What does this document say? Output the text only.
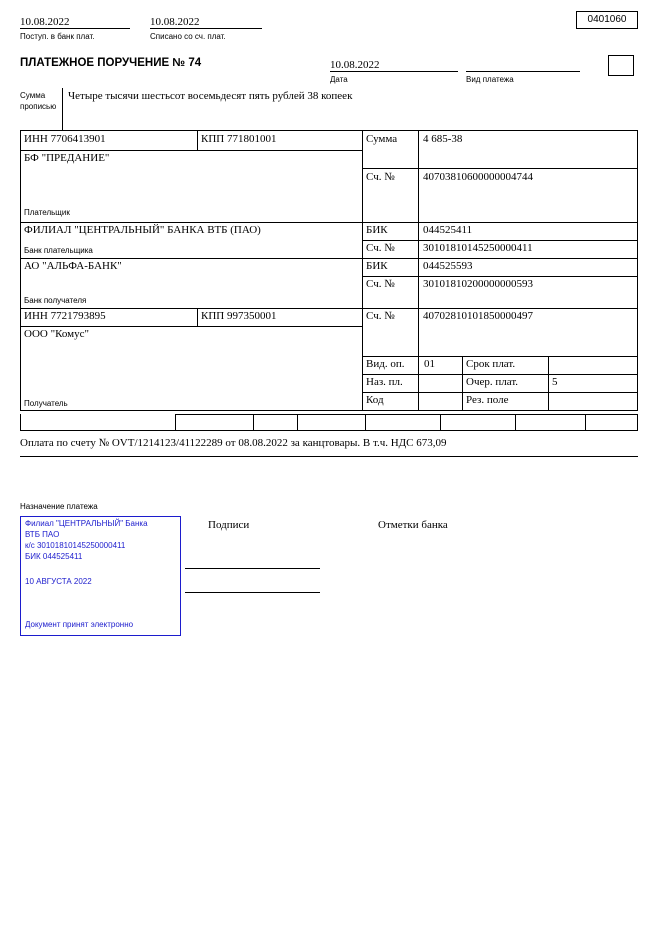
10.08.2022
Поступ. в банк плат.
10.08.2022
Списано со сч. плат.
0401060
ПЛАТЕЖНОЕ ПОРУЧЕНИЕ № 74	10.08.2022
Дата	Вид платежа
Сумма
прописью
Четыре тысячи шестьсот восемьдесят пять рублей 38 копеек
ИНН 7706413901	КПП 771801001	Сумма 4 685-38
БФ "ПРЕДАНИЕ"
Сч. №	40703810600000004744
Плательщик
ФИЛИАЛ "ЦЕНТРАЛЬНЫЙ" БАНКА ВТБ (ПАО)	БИК	044525411
Сч. №	30101810145250000411
Банк плательщика
АО "АЛЬФА-БАНК"	БИК	044525593
Сч. №	30101810200000000593
Банк получателя
ИНН 7721793895	КПП 997350001	Сч. №	40702810101850000497
ООО "Комус"
Вид. оп. 01	Срок плат.
Наз. пл.	Очер. плат.	5
Код	Рез. поле
Получатель
Оплата по счету № OVT/1214123/41122289 от 08.08.2022 за канцтовары. В т.ч. НДС 673,09
Назначение платежа
Подписи	Отметки банка
Филиал "ЦЕНТРАЛЬНЫЙ" Банка
ВТБ ПАО
к/с 30101810145250000411
БИК 044525411
10 АВГУСТА 2022
Документ принят электронно
